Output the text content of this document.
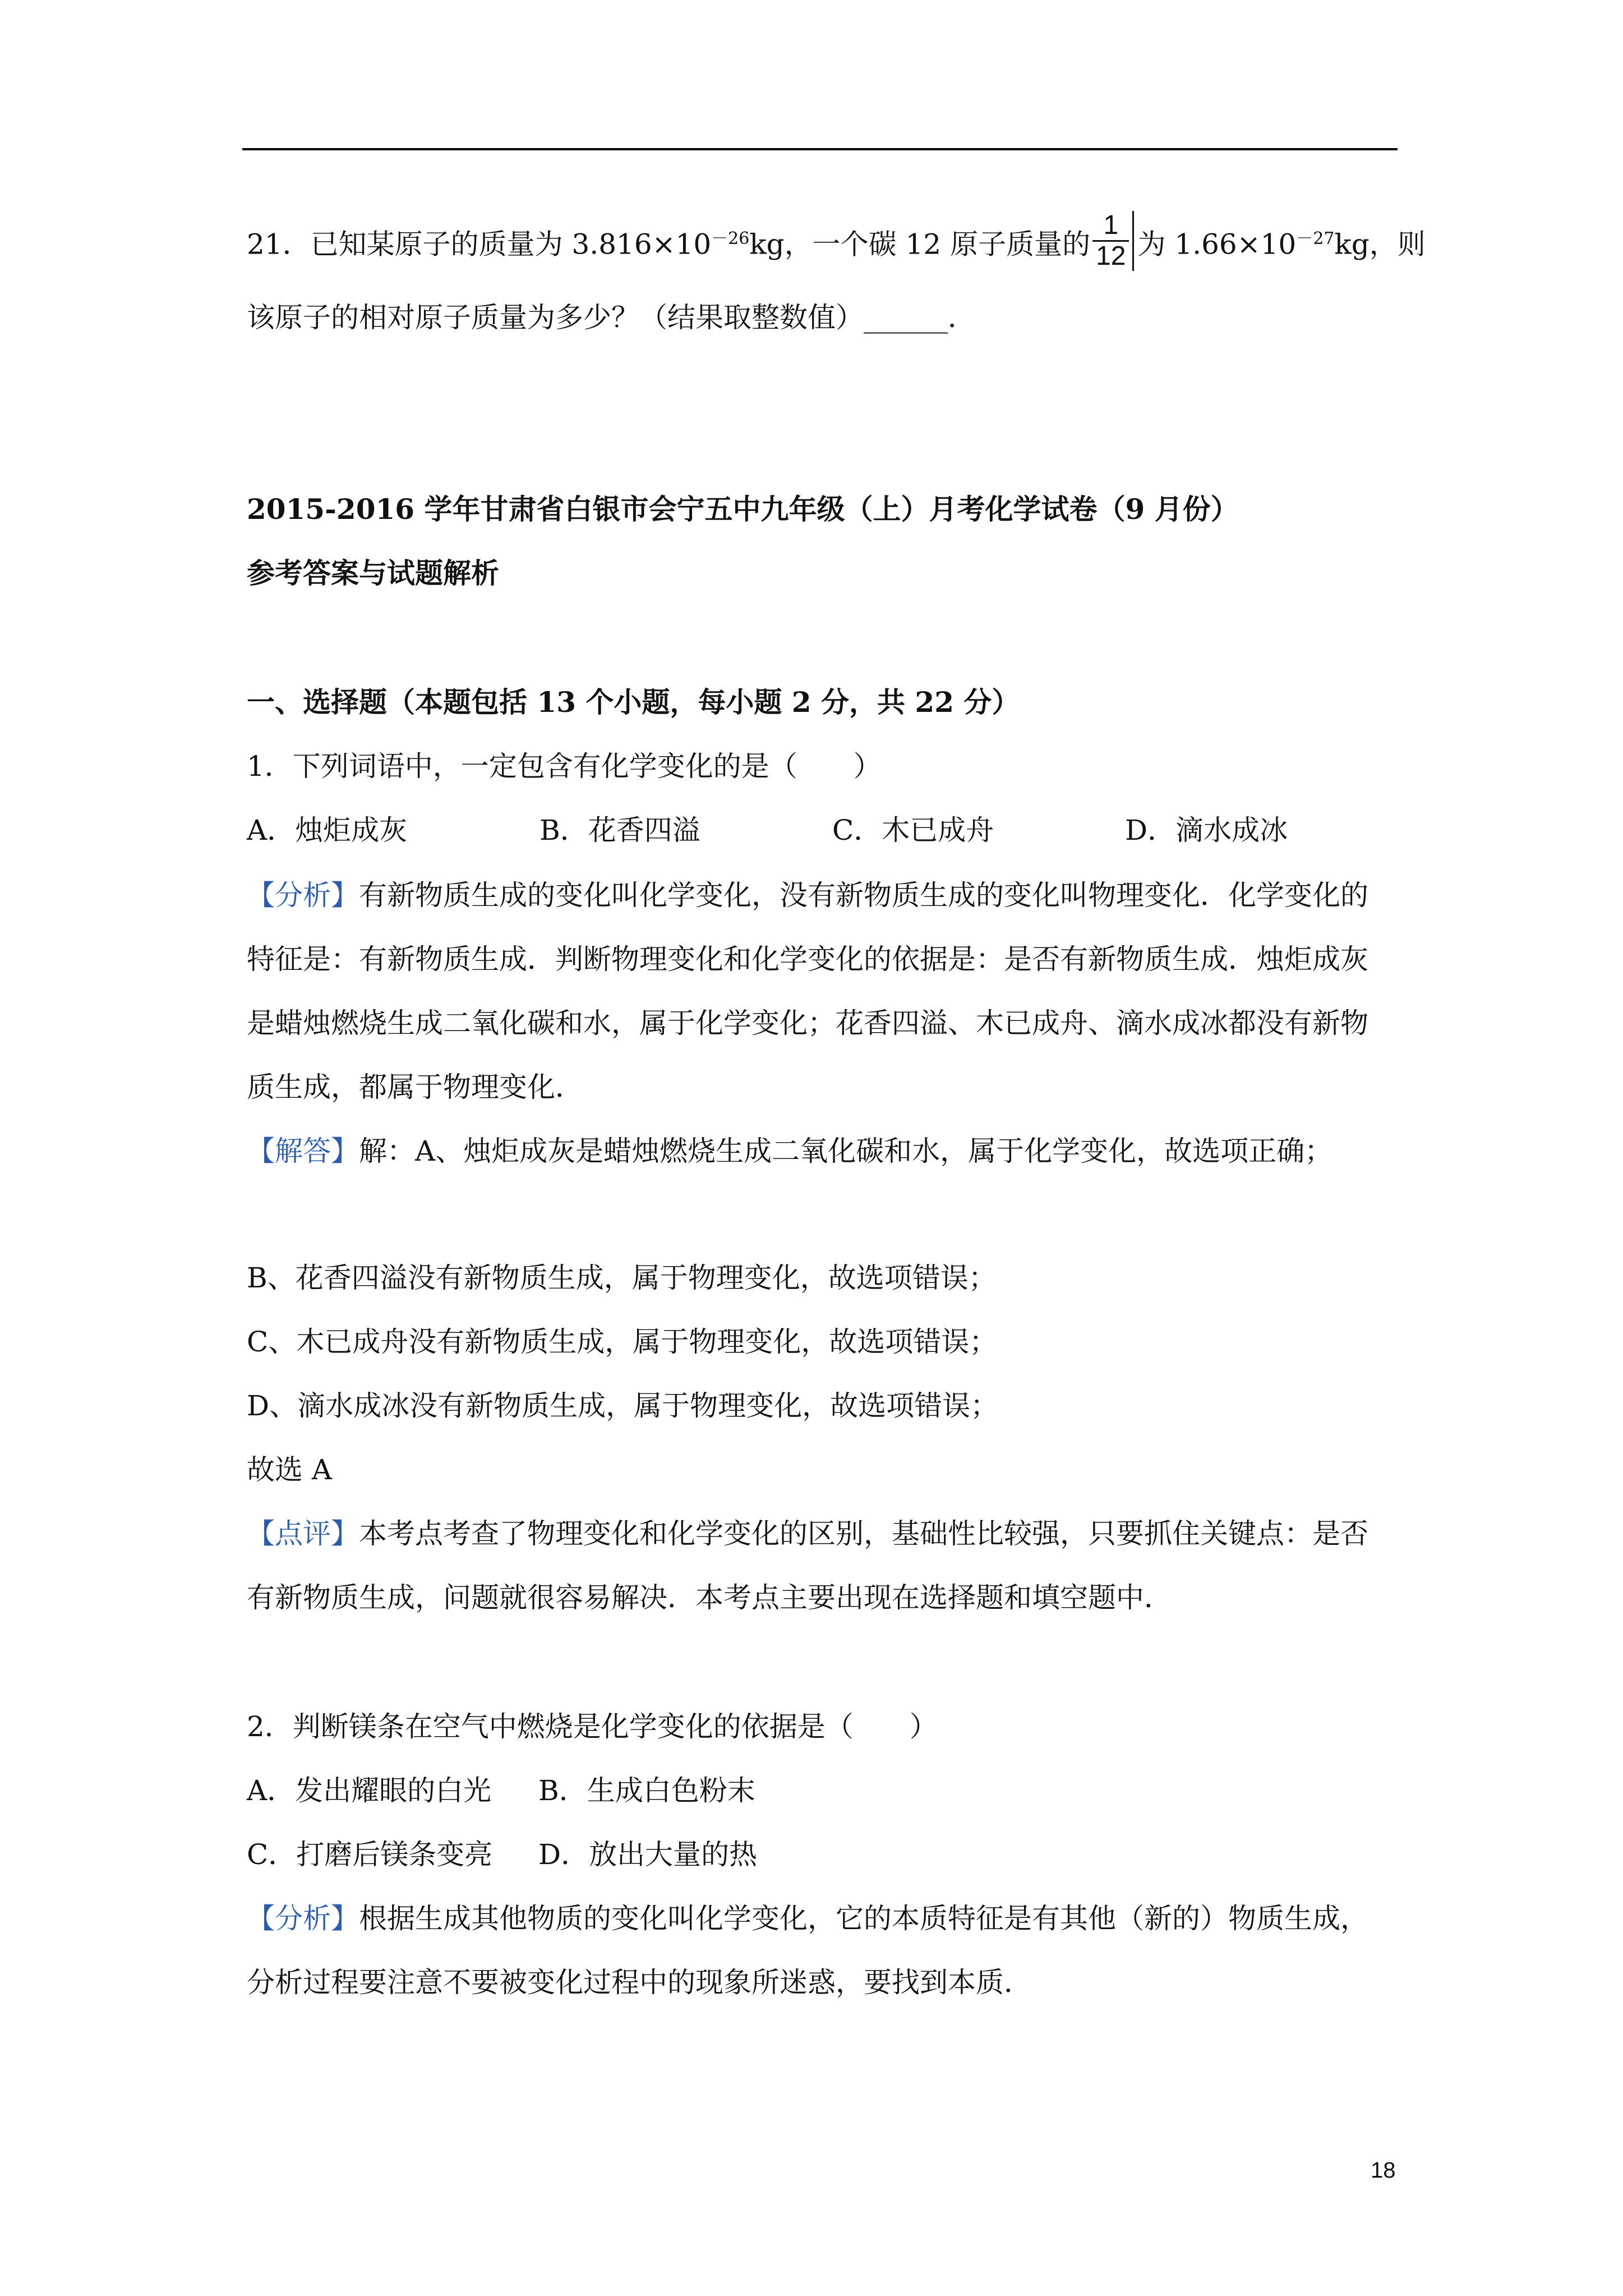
21．已知某原子的质量为 $3.816\times 10^{-26}kg$，一个碳 12 原子质量的 $\frac{1}{12}$ 为 $1.66\times 10^{-27}kg$，则
该原子的相对原子质量为多少？（结果取整数值）______．
2015-2016 学年甘肃省白银市会宁五中九年级（上）月考化学试卷（9 月份）
参考答案与试题解析
一、选择题（本题包括 13 个小题，每小题 2 分，共 22 分）
1．下列词语中，一定包含有化学变化的是（　　）
A．烛炬成灰	B．花香四溢	C．木已成舟	D．滴水成冰
【分析】有新物质生成的变化叫化学变化，没有新物质生成的变化叫物理变化．化学变化的
特征是：有新物质生成．判断物理变化和化学变化的依据是：是否有新物质生成．烛炬成灰
是蜡烛燃烧生成二氧化碳和水，属于化学变化；花香四溢、木已成舟、滴水成冰都没有新物
质生成，都属于物理变化．
【解答】解：A、烛炬成灰是蜡烛燃烧生成二氧化碳和水，属于化学变化，故选项正确；
B、花香四溢没有新物质生成，属于物理变化，故选项错误；
C、木已成舟没有新物质生成，属于物理变化，故选项错误；
D、滴水成冰没有新物质生成，属于物理变化，故选项错误；
故选 A
【点评】本考点考查了物理变化和化学变化的区别，基础性比较强，只要抓住关键点：是否
有新物质生成，问题就很容易解决．本考点主要出现在选择题和填空题中．
2．判断镁条在空气中燃烧是化学变化的依据是（　　）
A．发出耀眼的白光 B．生成白色粉末
C．打磨后镁条变亮 D．放出大量的热
【分析】根据生成其他物质的变化叫化学变化，它的本质特征是有其他（新的）物质生成，
分析过程要注意不要被变化过程中的现象所迷惑，要找到本质．
18
